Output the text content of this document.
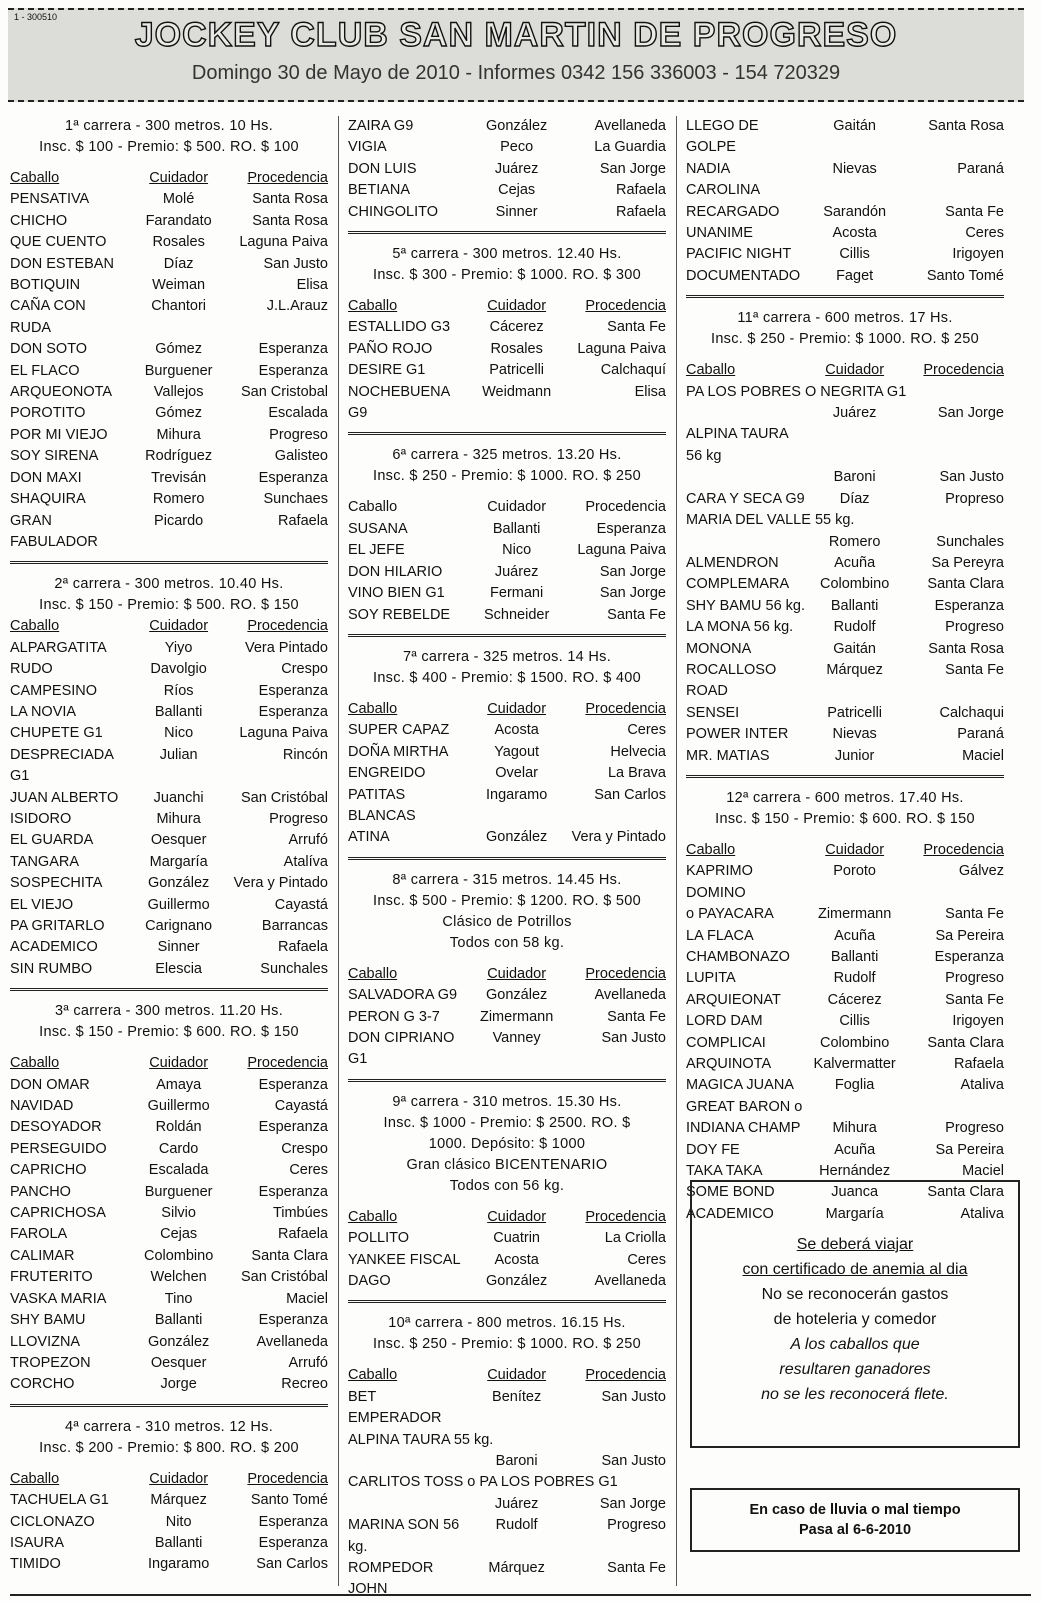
1 - 300510	JOCKEY CLUB SAN MARTIN DE PROGRESO
Domingo 30 de Mayo de 2010 - Informes 0342 156 336003 - 154 720329
1ª carrera - 300 metros. 10 Hs.
Insc. $ 100 - Premio: $ 500. RO. $ 100
Caballo	Cuidador	Procedencia
PENSATIVA	Molé	Santa Rosa
CHICHO	Farandato	Santa Rosa
QUE CUENTO	Rosales	Laguna Paiva
DON ESTEBAN	Díaz	San Justo
BOTIQUIN	Weiman	Elisa
CAÑA CON RUDA
Chantori	J.L.Arauz
DON SOTO	Gómez	Esperanza
EL FLACO	Burguener	Esperanza
ARQUEONOTA	Vallejos	San Cristobal
POROTITO	Gómez	Escalada
POR MI VIEJO	Mihura	Progreso
SOY SIRENA	Rodríguez	Galisteo
DON MAXI	Trevisán	Esperanza
SHAQUIRA	Romero	Sunchaes
GRAN FABULADOR
Picardo	Rafaela
2ª carrera - 300 metros. 10.40 Hs.
Insc. $ 150 - Premio: $ 500. RO. $ 150
Caballo	Cuidador	Procedencia
ALPARGATITA	Yiyo	Vera Pintado
RUDO	Davolgio	Crespo
CAMPESINO	Ríos	Esperanza
LA NOVIA	Ballanti	Esperanza
CHUPETE G1	Nico	Laguna Paiva
DESPRECIADA G1
Julian	Rincón
JUAN ALBERTO	Juanchi	San Cristóbal
ISIDORO	Mihura	Progreso
EL GUARDA	Oesquer	Arrufó
TANGARA	Margaría	Atalíva
SOSPECHITA	González	Vera y Pintado
EL VIEJO	Guillermo	Cayastá
PA GRITARLO	Carignano	Barrancas
ACADEMICO	Sinner	Rafaela
SIN RUMBO	Elescia	Sunchales
3ª carrera - 300 metros. 11.20 Hs.
Insc. $ 150 - Premio: $ 600. RO. $ 150
Caballo	Cuidador	Procedencia
DON OMAR	Amaya	Esperanza
NAVIDAD	Guillermo	Cayastá
DESOYADOR	Roldán	Esperanza
PERSEGUIDO	Cardo	Crespo
CAPRICHO	Escalada	Ceres
PANCHO	Burguener	Esperanza
CAPRICHOSA	Silvio	Timbúes
FAROLA	Cejas	Rafaela
CALIMAR	Colombino	Santa Clara
FRUTERITO	Welchen	San Cristóbal
VASKA MARIA	Tino	Maciel
SHY BAMU	Ballanti	Esperanza
LLOVIZNA	González	Avellaneda
TROPEZON	Oesquer	Arrufó
CORCHO	Jorge	Recreo
4ª carrera - 310 metros. 12 Hs.
Insc. $ 200 - Premio: $ 800. RO. $ 200
Caballo	Cuidador	Procedencia
TACHUELA G1	Márquez	Santo Tomé
CICLONAZO	Nito	Esperanza
ISAURA	Ballanti	Esperanza
TIMIDO	Ingaramo	San Carlos
ZAIRA G9	González	Avellaneda
VIGIA	Peco	La Guardia
DON LUIS	Juárez	San Jorge
BETIANA	Cejas	Rafaela
CHINGOLITO	Sinner	Rafaela
5ª carrera - 300 metros. 12.40 Hs.
Insc. $ 300 - Premio: $ 1000. RO. $ 300
Caballo	Cuidador	Procedencia
ESTALLIDO G3	Cácerez	Santa Fe
PAÑO ROJO	Rosales	Laguna Paiva
DESIRE G1	Patricelli	Calchaquí
NOCHEBUENA G9
Weidmann	Elisa
6ª carrera - 325 metros. 13.20 Hs.
Insc. $ 250 - Premio: $ 1000. RO. $ 250
Caballo	Cuidador	Procedencia
SUSANA	Ballanti	Esperanza
EL JEFE	Nico	Laguna Paiva
DON HILARIO	Juárez	San Jorge
VINO BIEN G1	Fermani	San Jorge
SOY REBELDE	Schneider	Santa Fe
7ª carrera - 325 metros. 14 Hs.
Insc. $ 400 - Premio: $ 1500. RO. $ 400
Caballo	Cuidador	Procedencia
SUPER CAPAZ	Acosta	Ceres
DOÑA MIRTHA	Yagout	Helvecia
ENGREIDO	Ovelar	La Brava
PATITAS BLANCAS
Ingaramo	San Carlos
ATINA	González	Vera y Pintado
8ª carrera - 315 metros. 14.45 Hs.
Insc. $ 500 - Premio: $ 1200. RO. $ 500
Clásico de Potrillos
Todos con 58 kg.
Caballo	Cuidador	Procedencia
SALVADORA G9	González	Avellaneda
PERON G 3-7	Zimermann	Santa Fe
DON CIPRIANO G1
Vanney	San Justo
9ª carrera - 310 metros. 15.30 Hs.
Insc. $ 1000 - Premio: $ 2500. RO. $
1000. Depósito: $ 1000
Gran clásico BICENTENARIO
Todos con 56 kg.
Caballo	Cuidador	Procedencia
POLLITO	Cuatrin	La Criolla
YANKEE FISCAL	Acosta	Ceres
DAGO	González	Avellaneda
10ª carrera - 800 metros. 16.15 Hs.
Insc. $ 250 - Premio: $ 1000. RO. $ 250
Caballo	Cuidador	Procedencia
BET EMPERADOR
Benítez	San Justo
ALPINA TAURA 55 kg.
Baroni	San Justo
CARLITOS TOSS o PA LOS POBRES G1
Juárez	San Jorge
MARINA SON 56 kg.
Rudolf	Progreso
ROMPEDOR JOHN
Márquez	Santa Fe
LLEGO DE GOLPE
Gaitán	Santa Rosa
NADIA CAROLINA
Nievas	Paraná
RECARGADO	Sarandón	Santa Fe
UNANIME	Acosta	Ceres
PACIFIC NIGHT	Cillis	Irigoyen
DOCUMENTADO	Faget	Santo Tomé
11ª carrera - 600 metros. 17 Hs.
Insc. $ 250 - Premio: $ 1000. RO. $ 250
Caballo	Cuidador	Procedencia
PA LOS POBRES O NEGRITA G1
Juárez	San Jorge
ALPINA TAURA 56 kg
Baroni	San Justo
CARA Y SECA G9	Díaz	Propreso
MARIA DEL VALLE 55 kg.
Romero	Sunchales
ALMENDRON	Acuña	Sa Pereyra
COMPLEMARA	Colombino	Santa Clara
SHY BAMU 56 kg.	Ballanti	Esperanza
LA MONA 56 kg.	Rudolf	Progreso
MONONA	Gaitán	Santa Rosa
ROCALLOSO ROAD
Márquez	Santa Fe
SENSEI	Patricelli	Calchaqui
POWER INTER	Nievas	Paraná
MR. MATIAS	Junior	Maciel
12ª carrera - 600 metros. 17.40 Hs.
Insc. $ 150 - Premio: $ 600. RO. $ 150
Caballo	Cuidador	Procedencia
KAPRIMO	Poroto	Gálvez
DOMINO
o PAYACARA	Zimermann	Santa Fe
LA FLACA	Acuña	Sa Pereira
CHAMBONAZO	Ballanti	Esperanza
LUPITA	Rudolf	Progreso
ARQUIEONAT	Cácerez	Santa Fe
LORD DAM	Cillis	Irigoyen
COMPLICAI	Colombino	Santa Clara
ARQUINOTA	Kalvermatter	Rafaela
MAGICA JUANA	Foglia	Ataliva
GREAT BARON o
INDIANA CHAMP	Mihura	Progreso
DOY FE	Acuña	Sa Pereira
TAKA TAKA	Hernández	Maciel
SOME BOND	Juanca	Santa Clara
ACADEMICO	Margaría	Ataliva
Se deberá viajar
con certificado de anemia al dia
No se reconocerán gastos
de hoteleria y comedor
A los caballos que
resultaren ganadores
no se les reconocerá flete.
En caso de lluvia o mal tiempo
Pasa al 6-6-2010
